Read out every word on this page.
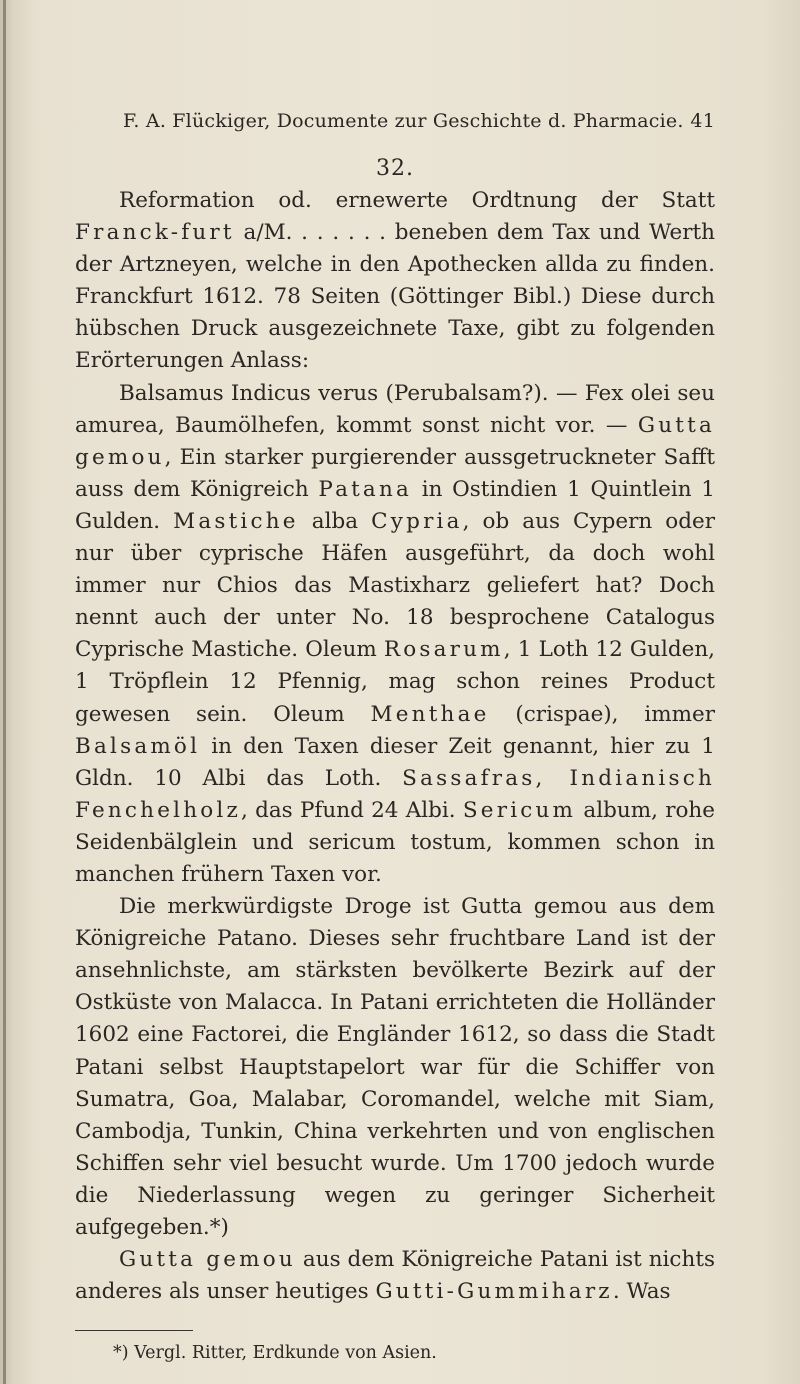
F. A. Flückiger, Documente zur Geschichte d. Pharmacie. 41
32.

Reformation od. ernewerte Ordtnung der Statt Franck-furt a/M. . . . . . . beneben dem Tax und Werth der Artzneyen, welche in den Apothecken allda zu finden. Franckfurt 1612. 78 Seiten (Göttinger Bibl.) Diese durch hübschen Druck ausgezeichnete Taxe, gibt zu folgenden Erörterungen Anlass:

Balsamus Indicus verus (Perubalsam?). — Fex olei seu amurea, Baumölhefen, kommt sonst nicht vor. — Gutta gemou, Ein starker purgierender aussgetruckneter Safft auss dem Königreich Patana in Ostindien 1 Quintlein 1 Gulden. Mastiche alba Cypria, ob aus Cypern oder nur über cyprische Häfen ausgeführt, da doch wohl immer nur Chios das Mastixharz geliefert hat? Doch nennt auch der unter No. 18 besprochene Catalogus Cyprische Mastiche. Oleum Rosarum, 1 Loth 12 Gulden, 1 Tröpflein 12 Pfennig, mag schon reines Product gewesen sein. Oleum Menthae (crispae), immer Balsamöl in den Taxen dieser Zeit genannt, hier zu 1 Gldn. 10 Albi das Loth. Sassafras, Indianisch Fenchelholz, das Pfund 24 Albi. Sericum album, rohe Seidenbälglein und sericum tostum, kommen schon in manchen frühern Taxen vor.

Die merkwürdigste Droge ist Gutta gemou aus dem Königreiche Patano. Dieses sehr fruchtbare Land ist der ansehnlichste, am stärksten bevölkerte Bezirk auf der Ostküste von Malacca. In Patani errichteten die Holländer 1602 eine Factorei, die Engländer 1612, so dass die Stadt Patani selbst Hauptstapelort war für die Schiffer von Sumatra, Goa, Malabar, Coromandel, welche mit Siam, Cambodja, Tunkin, China verkehrten und von englischen Schiffen sehr viel besucht wurde. Um 1700 jedoch wurde die Niederlassung wegen zu geringer Sicherheit aufgegeben.*)

Gutta gemou aus dem Königreiche Patani ist nichts anderes als unser heutiges Gutti-Gummiharz. Was

*) Vergl. Ritter, Erdkunde von Asien.
